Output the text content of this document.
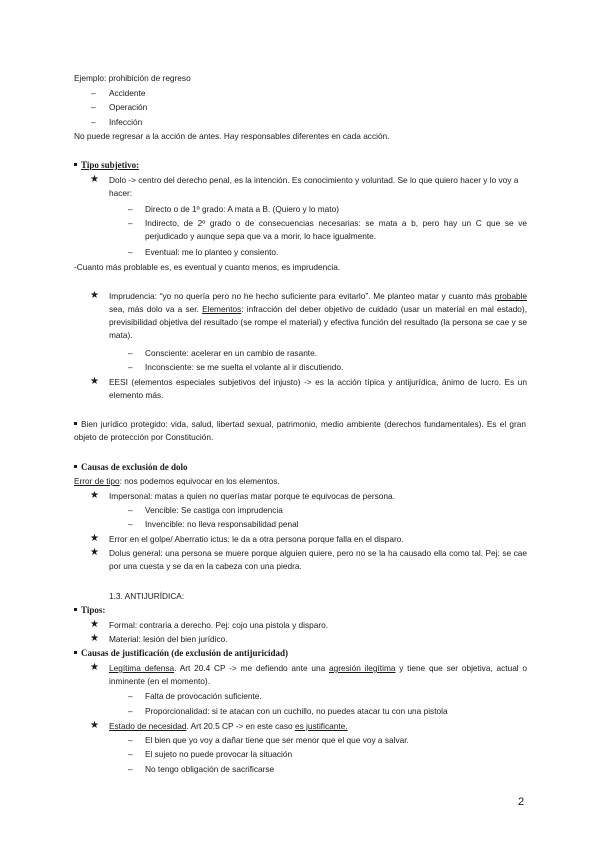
Ejemplo: prohibición de regreso
– Accidente
– Operación
– Infección
No puede regresar a la acción de antes. Hay responsables diferentes en cada acción.
Tipo subjetivo:
★ Dolo -> centro del derecho penal, es la intención. Es conocimiento y voluntad. Se lo que quiero hacer y lo voy a hacer:
– Directo o de 1º grado: A mata a B. (Quiero y lo mato)
– Indirecto, de 2º grado o de consecuencias necesarias: se mata a b, pero hay un C que se ve perjudicado y aunque sepa que va a morir, lo hace igualmente.
– Eventual: me lo planteo y consiento.
-Cuanto más problable es, es eventual y cuanto menos, es imprudencia.
★ Imprudencia: “yo no quería pero no he hecho suficiente para evitarlo”. Me planteo matar y cuanto más probable sea, más dolo va a ser. Elementos: infracción del deber objetivo de cuidado (usar un material en mal estado), previsibilidad objetiva del resultado (se rompe el material) y efectiva función del resultado (la persona se cae y se mata).
– Consciente: acelerar en un cambio de rasante.
– Inconsciente: se me suelta el volante al ir discutiendo.
★ EESI (elementos especiales subjetivos del injusto) -> es la acción típica y antijurídica, ánimo de lucro. Es un elemento más.
Bien jurídico protegido: vida, salud, libertad sexual, patrimonio, medio ambiente (derechos fundamentales). Es el gran objeto de protección por Constitución.
Causas de exclusión de dolo
Error de tipo: nos podemos equivocar en los elementos.
★ Impersonal: matas a quien no querías matar porque te equivocas de persona.
– Vencible: Se castiga con imprudencia
– Invencible: no lleva responsabilidad penal
★ Error en el golpe/ Aberratio ictus: le da a otra persona porque falla en el disparo.
★ Dolus general: una persona se muere porque alguien quiere, pero no se la ha causado ella como tal. Pej: se cae por una cuesta y se da en la cabeza con una piedra.
1.3. ANTIJURÍDICA:
Tipos:
★ Formal: contraria a derecho. Pej: cojo una pistola y disparo.
★ Material: lesión del bien jurídico.
Causas de justificación (de exclusión de antijuricidad)
★ Legítima defensa. Art 20.4 CP -> me defiendo ante una agresión ilegítima y tiene que ser objetiva, actual o inminente (en el momento).
– Falta de provocación suficiente.
– Proporcionalidad: si te atacan con un cuchillo, no puedes atacar tu con una pistola
★ Estado de necesidad. Art 20.5 CP -> en este caso es justificante.
– El bien que yo voy a dañar tiene que ser menor que el que voy a salvar.
– El sujeto no puede provocar la situación
– No tengo obligación de sacrificarse
2
